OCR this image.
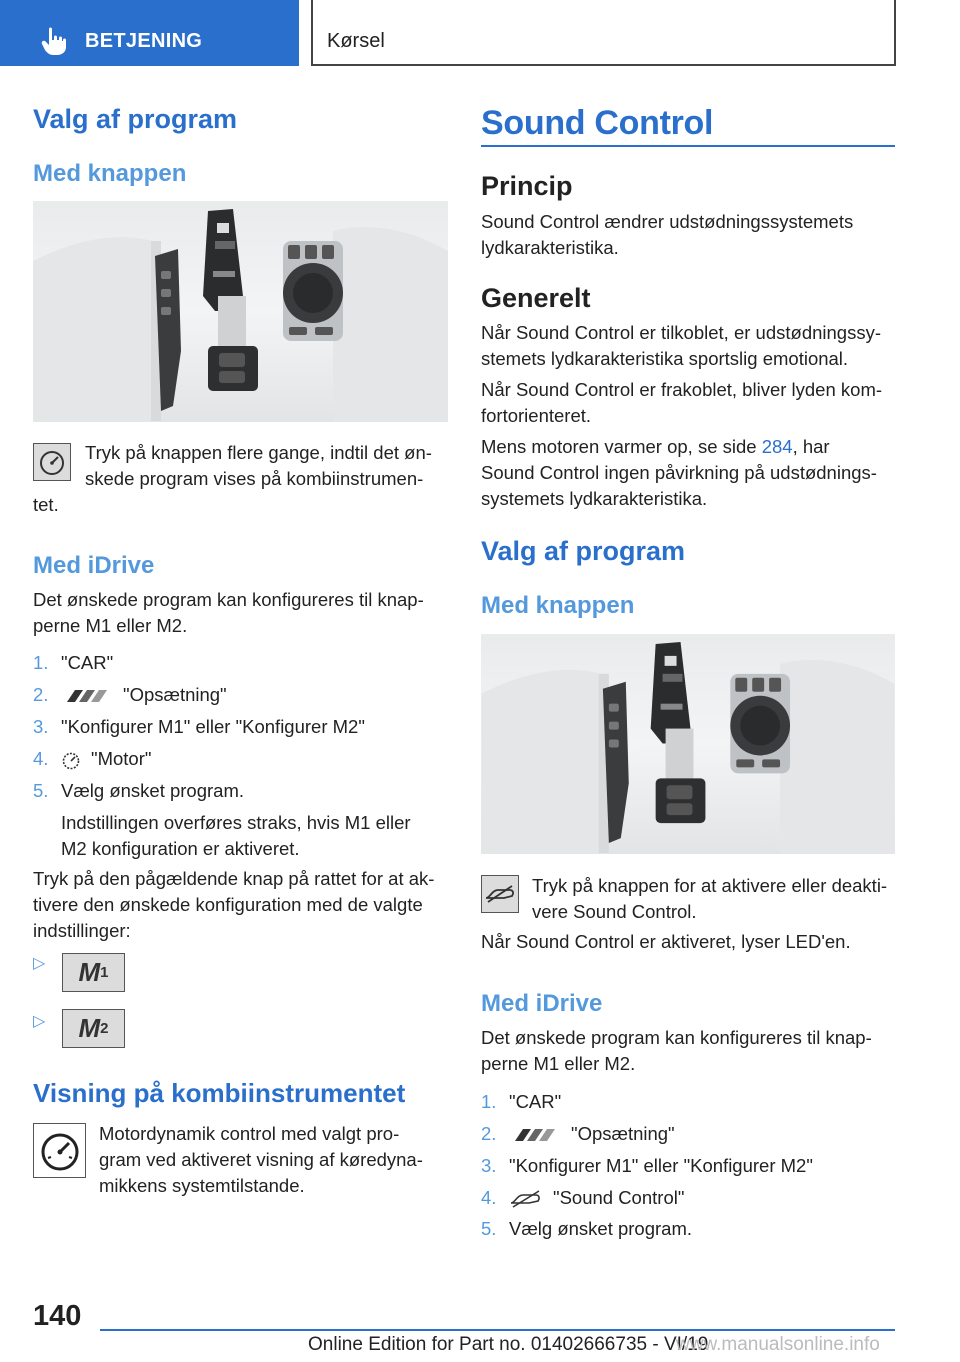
BETJENING	Kørsel
Valg af program
Med knappen

Tryk på knappen flere gange, indtil det øn-

skede program vises på kombiinstrumen-

tet.

Med iDrive

Det ønskede program kan konfigureres til knap-

perne M1 eller M2.

1. "CAR"
2.	"Opsætning"
3. "Konfigurer M1" eller "Konfigurer M2"
4.	"Motor"
5. Vælg ønsket program.

Indstillingen overføres straks, hvis M1 eller

M2 konfiguration er aktiveret.

Tryk på den pågældende knap på rattet for at ak-

tivere den ønskede konfiguration med de valgte

indstillinger:

▷ M 1
▷ M 2
Visning på kombiinstrumentet

Motordynamik control med valgt pro-

gram ved aktiveret visning af køredyna-

mikkens systemtilstande.

Sound Control
Princip

Sound Control ændrer udstødningssystemets

lydkarakteristika.

Generelt

Når Sound Control er tilkoblet, er udstødningssy-

stemets lydkarakteristika sportslig emotional.

Når Sound Control er frakoblet, bliver lyden kom-

fortorienteret.

Mens motoren varmer op, se side 284, har

Sound Control ingen påvirkning på udstødnings-

systemets lydkarakteristika.

Valg af program
Med knappen

Tryk på knappen for at aktivere eller deakti-

vere Sound Control.

Når Sound Control er aktiveret, lyser LED'en.

Med iDrive

Det ønskede program kan konfigureres til knap-

perne M1 eller M2.

1. "CAR"
2.	"Opsætning"
3. "Konfigurer M1" eller "Konfigurer M2"
4.	"Sound Control"
5. Vælg ønsket program.
140
Online Edition for Part no. 01402666735 - VI/19
www.manualsonline.info
